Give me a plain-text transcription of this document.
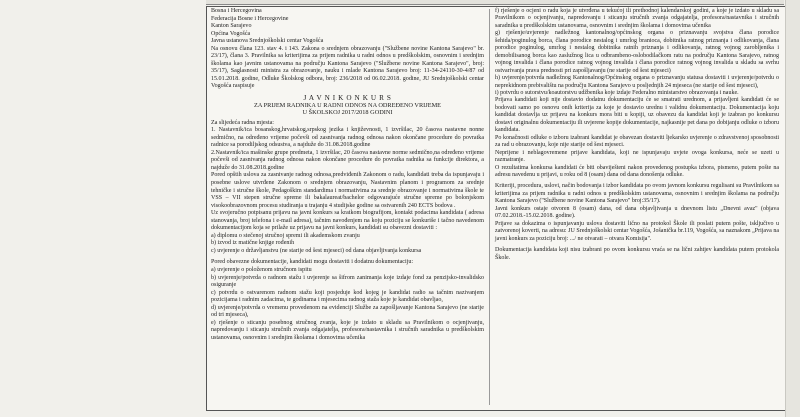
Bosna i Hercegovina
Federacija Bosne i Hercegovine
Kanton Sarajevo
Općina Vogošća
Javna ustanova Srednjoškolski centar Vogošća

Na osnovu člana 123. stav 4. i 143. Zakona o srednjem obrazovanju ("Službene novine Kantona Sarajevo" br. 23/17), člana 3. Pravilnika sa kriterijima za prijem radnika u radni odnos u predškolskim, osnovnim i srednjim školama kao javnim ustanovama na području Kantona Sarajevo ("Službene novine Kantona Sarajevo", broj: 35/17), Saglasnosti ministra za obrazovanje, nauku i mladе Kantona Sarajevo broj: 11-34-24110-30-4/87 od 15.01.2018. godine, Odluke Školskog odbora, broj: 236/2018 od 06.02.2018. godine, JU Srednjoškolski centar Vogošća raspisuje

J A V N I K O N K U R S
ZA PRIJEM RADNIKA U RADNI ODNOS NA ODREĐENO VRIJEME
U ŠKOLSKOJ 2017/2018 GODINI

Za slijedeća radna mjesta:

1. Nastavnik/ica bosanskog,hrvatskog,srpskog jezika i književnosti, 1 izvršilac, 20 časova nastavne nonne sedmično, na određeno vrijeme počevši od zasnivanja radnog odnosa nakon okončane procedure do povratka radnice sa porodiljskog odsustva, a najduže do 31.08.2018.godine

2.Nastavnik/ica mašinske grupe predmeta, 1 izvršilac, 20 časova nastavne norme sedmično,na određeno vrijeme počevši od zasnivanja radnog odnosa nakon okončane procedure do povratka radnika sa funkcije direktora, a najduže do 31.08.2018.godine

Pored opštih uslova za zasnivanje radnog odnosa,predviđenih Zakonom o radu, kandidati treba da ispunjavaju i posebne uslove utvrđene Zakonom o srednjem obrazovanju, Nastavnim planom i programom za srednje tehničke i stručne škole, Pedagoškim standardima i normativima za srednje obrazovanje i normativima škole te VSS – VII stepen stručne spreme ili bakalaureat/bachelor odgovarajuće stručne spreme po bolonjskom visokoobrazovnom procesu studiranja u trajanju 4 studijske godine sa ostvarenih 240 ECTS bodova .

Uz svojeručno potpisanu prijavu na javni konkurs sa kratkom biografijom, kontakt podacima kandidata ( adresa stanovanja, broj telefona i e-mail adresa), tačnim navođenjem na koju poziciju se konkuriše i tačno navedenom dokumentacijom koja se prilaže uz prijavu na javni konkurs, kandidati su obavezni dostaviti :

a) diplomu o stečenoj stručnoj spremi ili akademskom zvanju
b) izvod iz matične knjige rođenih
c) uvjerenje o državljanstvu (ne starije od šest mjeseci) od dana objavljivanja konkursa

Pored obavezne dokumentacije, kandidati mogu dostaviti i dodatnu dokumentaciju:

a) uvjerenje o položenom stručnom ispitu
b) uvjerenje/potvrda o radnom stažu i uvjerenje sa šifrom zanimanja koje izdaje fond za penzijsko-invalidsko osiguranje
c) potvrdu o ostvarenom radnom stažu koji posjeduje kod kojeg je kandidat radio sa tačnim nazivanjem pozicijama i radnim zadacima, te godinama i mjesecima radnog staža koje je kandidat obavljao,
d) uvjerenje/potvrda o vremenu provedenom na evidenciji Službe za zapošljavanje Kantona Sarajevo (ne starije od tri mjeseca),
e) rješenje o sticanju posebnog stručnog zvanja, koje je izdato u skladu sa Pravilnikom o ocjenjivanju, napredovanju i sticanju stručnih zvanja odgajatelja, profesora/nastavnika i stručnih saradnika u predškolskim ustanovama, osnovnim i srednjim školama i domovima učenika

f) rješenje o ocjeni o radu koja je utvrđena u tekućoj ili prethodnoj kalendarskoj godini, a koje je izdato u skladu sa Pravilnikom o ocjenjivanju, napredovanju i sticanju stručnih zvanja odgajatelja, profesora/nastavnika i stručnih saradnika u predškolskim ustanovama, osnovnim i srednjim školama i domovima učenika

g) rješenje/uvjerenje nadležnog kantonalnog/općinskog organa o priznavanju svojstva člana porodice šehida/poginulog borca, člana porodice nestalog i umrlog branioca, dobitnika ratnog priznanja i odlikovanja, člana porodice poginulog, umrlog i nestalog dobitnika ratnih priznanja i odlikovanja, ratnog vojnog zarobljenika i demobilisanog borca kao zaslužnog lica u odbrambeno-oslobodilačkom ratu na području Kantona Sarajevo, ratnog vojnog invalida i člana porodice ratnog vojnog invalida i člana porodice ratnog vojnog invalida u skladu sa svrhu ostvarivanja prava prednosti pri zapošljavanju (ne starije od šest mjeseci)

h) uvjerenje/potvrda nadležnog Kantonalnog/Općinskog organa o priznavanju statusa dostaviti i uvjerenje/potvrdu o neprekidnom prebivalištu na području Kantona Sarajevo u posljednjih 24 mjeseca (ne starije od šest mjeseci),

i) potvrdu o sutorstvu/koautorstvu udžbenika koje izdaje Federalno ministarstvo obrazovanja i nauke.

Prijava kandidati koji nije dostavio dodatnu dokumentaciju će se smatrati urednom, a prijavljeni kandidati će se bodovati samo po osnovu onih kriterija za koje je dostavio urednu i validnu dokumentaciju. Dokumentacija koju kandidat dostavlja uz prijavu na konkurs mora biti u kopiji, uz obavezu da kandidat koji je izabran po konkursu dostavi originalnu dokumentaciju ili uvjerene kopije dokumentacije, najkasnije pet dana po dobijanju odluke o izboru kandidata.

Po konačnosti odluke o izboru izabrani kandidat je obavezan dostaviti ljekarsko uvjerenje o zdravstvenoj sposobnosti za rad u obrazovanju, koje nije starije od šest mjeseci.

Neprijene i neblagovremene prijave kandidata, koji ne ispunjavaju uvjete ovoga konkursa, neće se uzeti u razmatranje.

O rezultatima konkursa kandidati će biti obaviješteni nakon provedenog postupka izbora, pismeno, putem pošte na adresu navedenu u prijavi, u roku od 8 (osam) dana od dana donošenja odluke.

Kriteriji, procedura, uslovi, način bodovanja i izbor kandidata po ovom javnom konkursu regulisani su Pravilnikom sa kriterijima za prijem radnika u radni odnos u predškolskim ustanovama, osnovnim i srednjim školama na području Kantona Sarajevo ("Službene novine Kantona Sarajevo" broj:35/17).

Javni konkurs ostaje otvoren 8 (osam) dana, od dana objavljivanja u dnevnom listu „Dnevni avaz" (objava 07.02.2018.-15.02.2018. godine).

Prijave sa dokazima o ispunjavanju uslova dostaviti lično na protokol Škole ili poslati putem pošte, isključivo u zatvorenoj koverti, na adresu: JU Srednjoškolski centar Vogošća, Jošanička br.119, Vogošća, sa naznakom „Prijava na javni konkurs za poziciju broj: .../ ne otvarati – otvara Komisija".

Dokumentacija kandidata koji nisu izabrani po ovom konkursu vraća se na lični zahtjev kandidata putem protokola Škole.
